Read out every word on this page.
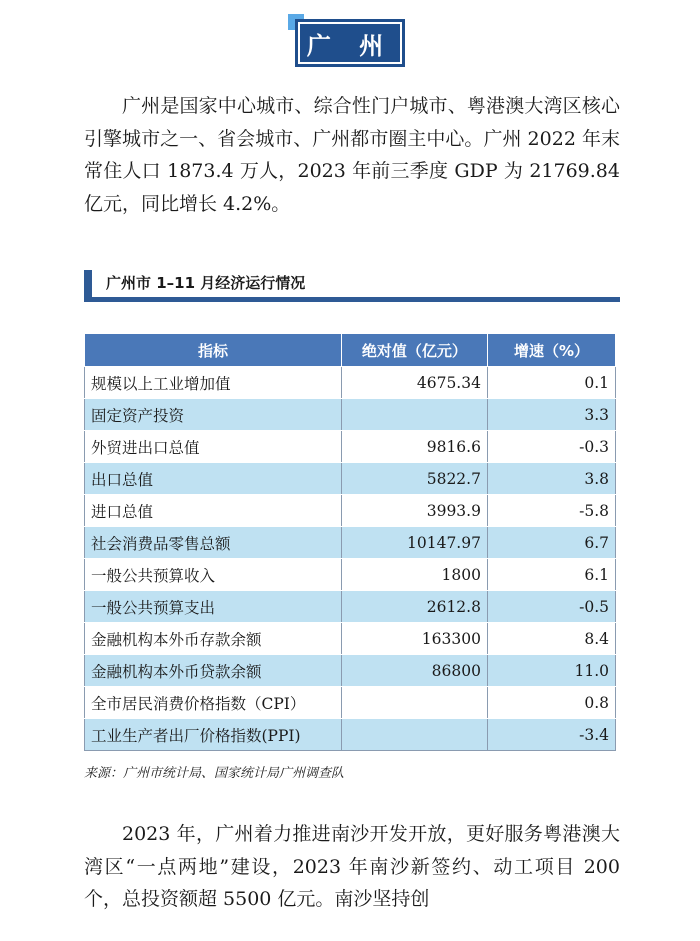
广 州

广州是国家中心城市、综合性门户城市、粤港澳大湾区核心引擎城市之一、省会城市、广州都市圈主中心。广州 2022 年末常住人口 1873.4 万人，2023 年前三季度 GDP 为 21769.84 亿元，同比增长 4.2%。

广州市 1–11 月经济运行情况
指标	绝对值（亿元）	增速（%）
规模以上工业增加值	4675.34	0.1
固定资产投资		3.3
外贸进出口总值	9816.6	-0.3
出口总值	5822.7	3.8
进口总值	3993.9	-5.8
社会消费品零售总额	10147.97	6.7
一般公共预算收入	1800	6.1
一般公共预算支出	2612.8	-0.5
金融机构本外币存款余额	163300	8.4
金融机构本外币贷款余额	86800	11.0
全市居民消费价格指数（CPI）		0.8
工业生产者出厂价格指数(PPI)		-3.4
来源：广州市统计局、国家统计局广州调查队

2023 年，广州着力推进南沙开发开放，更好服务粤港澳大湾区“一点两地”建设，2023 年南沙新签约、动工项目 200 个，总投资额超 5500 亿元。南沙坚持创
